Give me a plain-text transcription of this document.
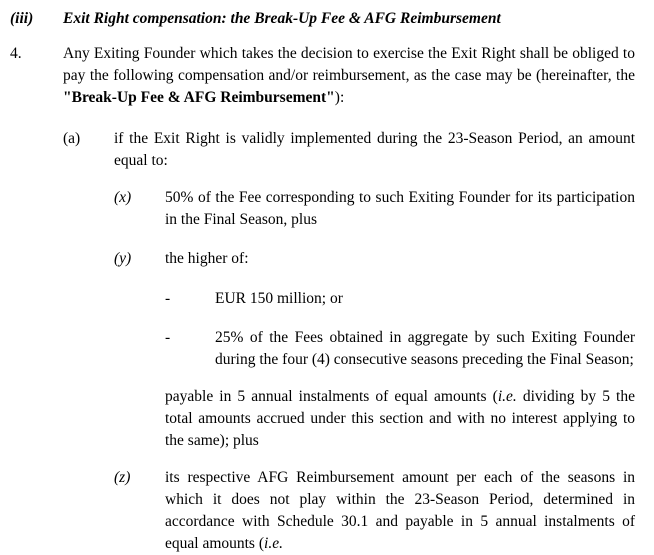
(iii) Exit Right compensation: the Break-Up Fee & AFG Reimbursement
4.	Any Exiting Founder which takes the decision to exercise the Exit Right shall be obliged to pay the following compensation and/or reimbursement, as the case may be (hereinafter, the "Break-Up Fee & AFG Reimbursement"):
(a) if the Exit Right is validly implemented during the 23-Season Period, an amount equal to:
(x) 50% of the Fee corresponding to such Exiting Founder for its participation in the Final Season, plus
(y) the higher of:
-	EUR 150 million; or
-	25% of the Fees obtained in aggregate by such Exiting Founder during the four (4) consecutive seasons preceding the Final Season;
payable in 5 annual instalments of equal amounts (i.e. dividing by 5 the total amounts accrued under this section and with no interest applying to the same); plus
(z) its respective AFG Reimbursement amount per each of the seasons in which it does not play within the 23-Season Period, determined in accordance with Schedule 30.1 and payable in 5 annual instalments of equal amounts (i.e.
